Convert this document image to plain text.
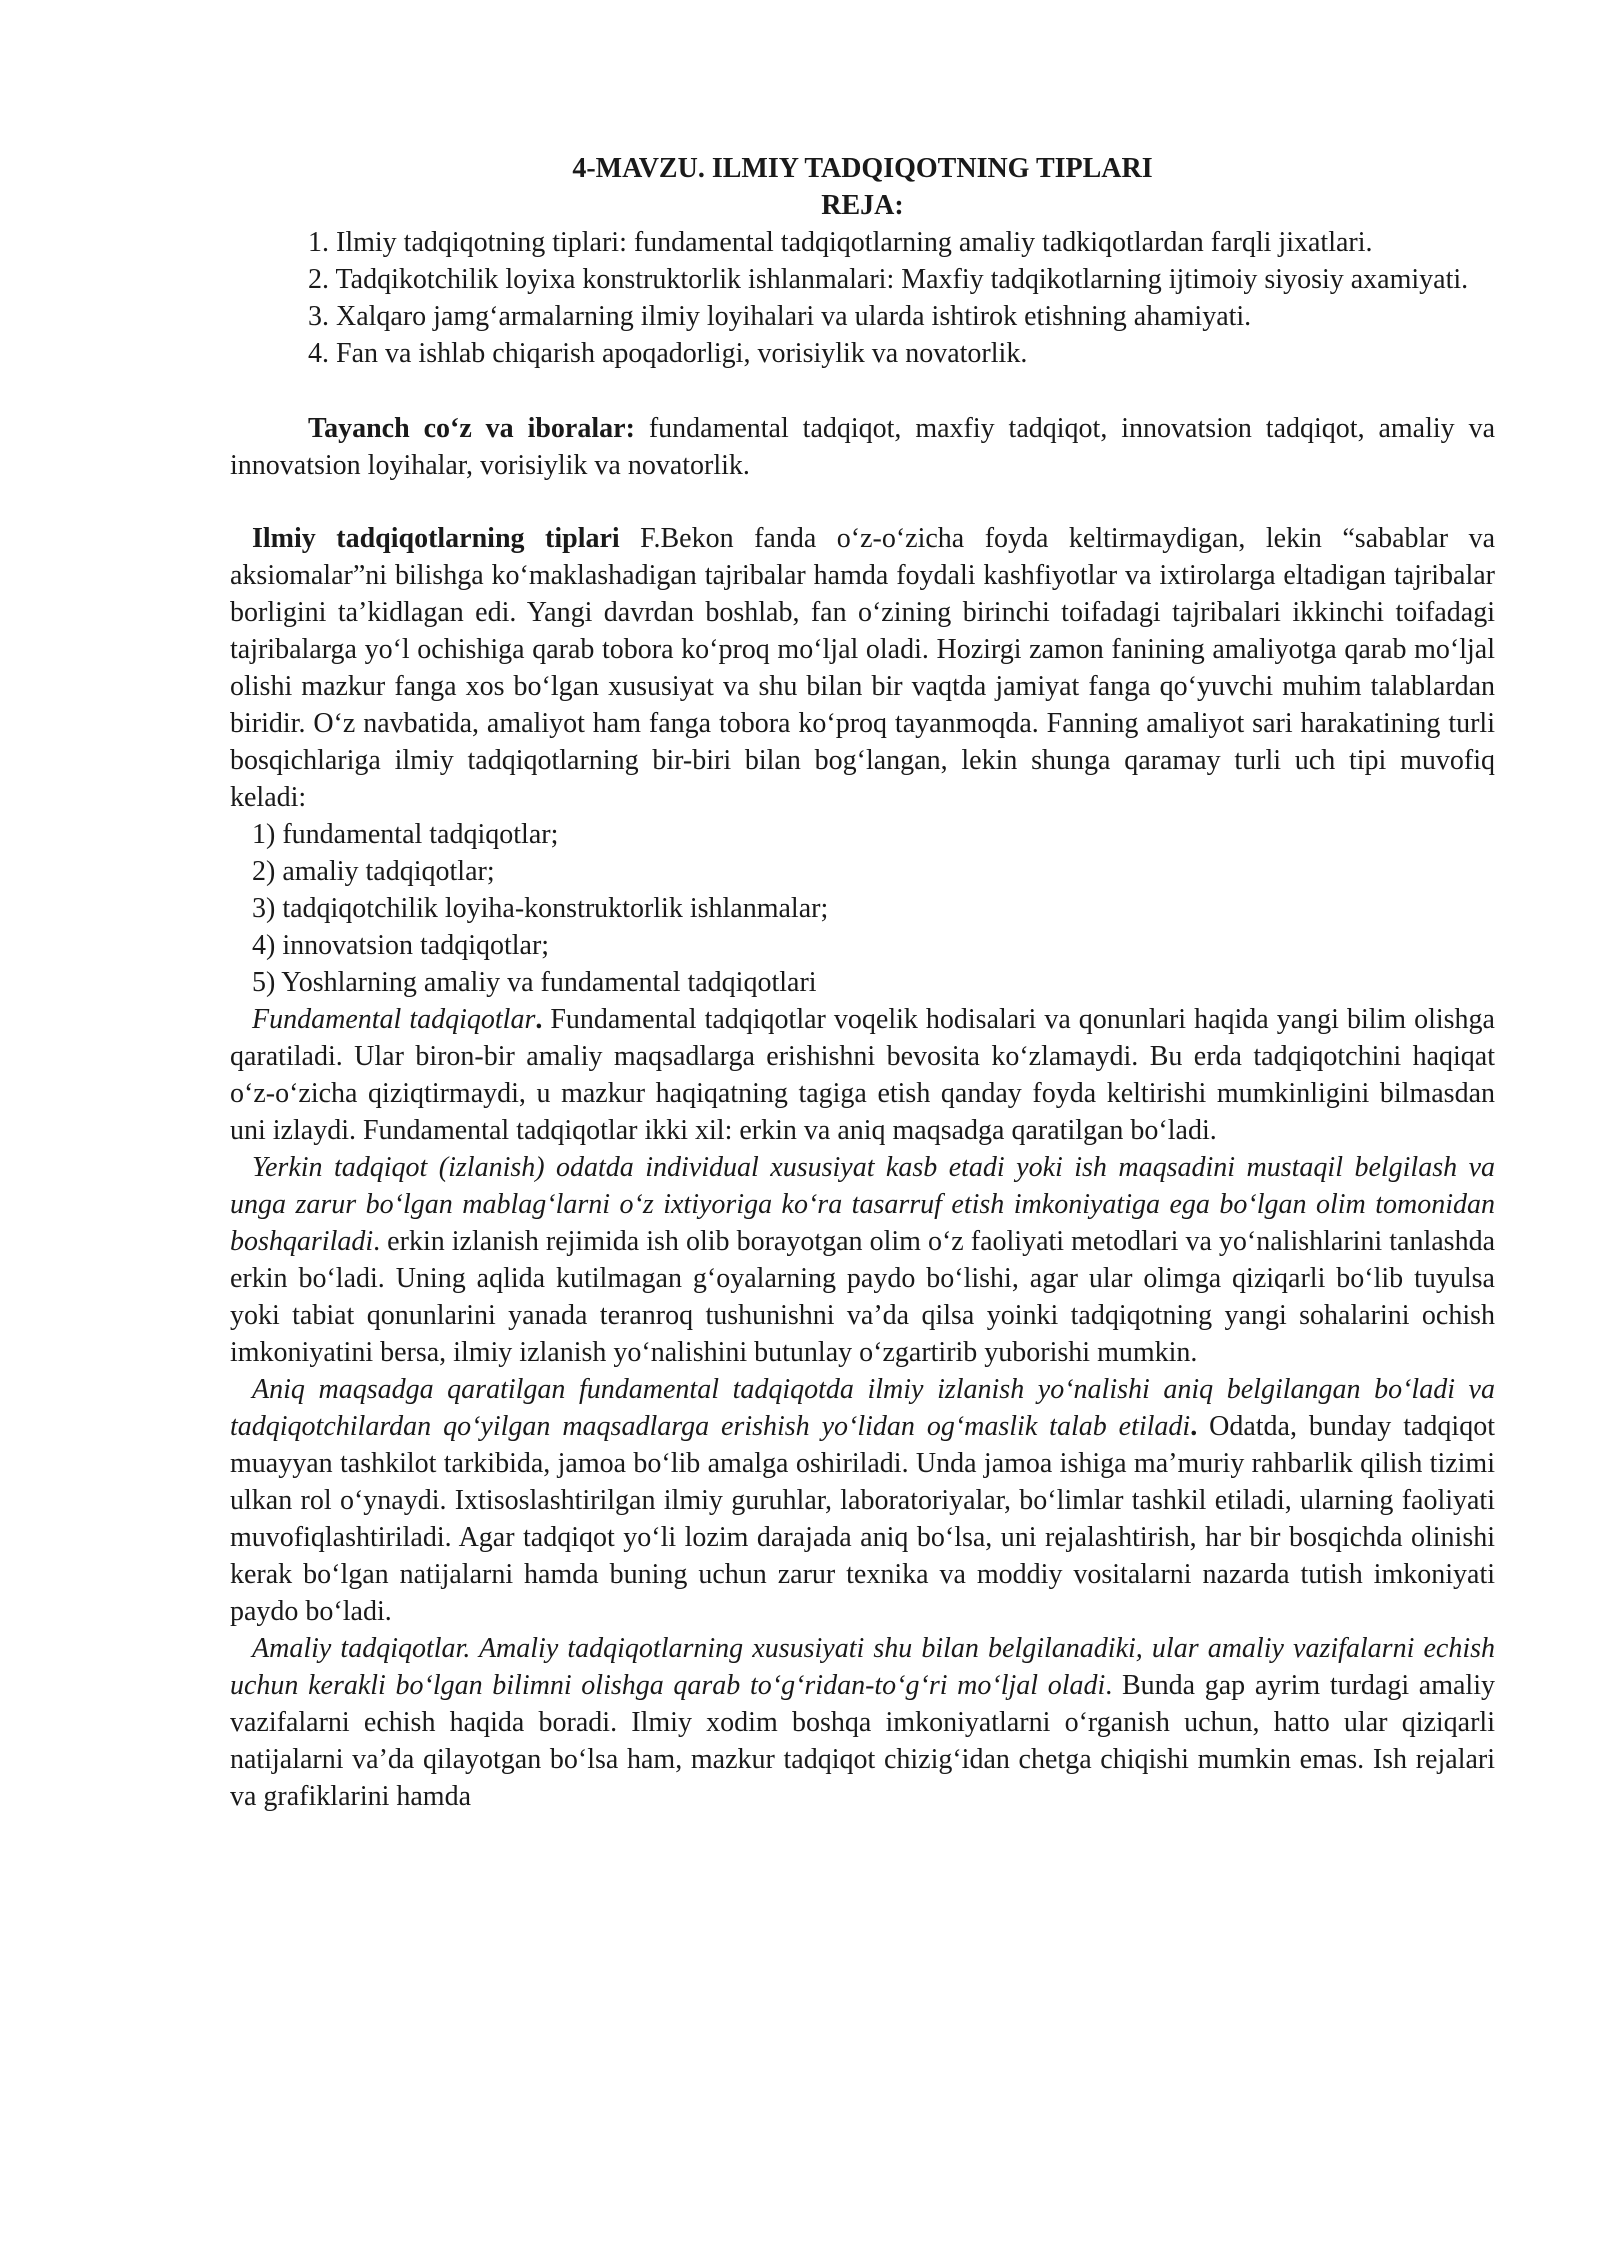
4-MAVZU. ILMIY TADQIQOTNING TIPLARI

REJA:

1. Ilmiy tadqiqotning tiplari: fundamental tadqiqotlarning amaliy tadkiqotlardan farqli jixatlari.

2. Tadqikotchilik loyixa konstruktorlik ishlanmalari: Maxfiy tadqikotlarning ijtimoiy siyosiy axamiyati.

3. Xalqaro jamg‘armalarning ilmiy loyihalari va ularda ishtirok etishning ahamiyati.

4. Fan va ishlab chiqarish apoqadorligi, vorisiylik va novatorlik.

Tayanch co‘z va iboralar: fundamental tadqiqot, maxfiy tadqiqot, innovatsion tadqiqot, amaliy va innovatsion loyihalar, vorisiylik va novatorlik.

Ilmiy tadqiqotlarning tiplari F.Bekon fanda o‘z-o‘zicha foyda keltirmaydigan, lekin “sabablar va aksiomalar”ni bilishga ko‘maklashadigan tajribalar hamda foydali kashfiyotlar va ixtirolarga eltadigan tajribalar borligini ta’kidlagan edi. Yangi davrdan boshlab, fan o‘zining birinchi toifadagi tajribalari ikkinchi toifadagi tajribalarga yo‘l ochishiga qarab tobora ko‘proq mo‘ljal oladi. Hozirgi zamon fanining amaliyotga qarab mo‘ljal olishi mazkur fanga xos bo‘lgan xususiyat va shu bilan bir vaqtda jamiyat fanga qo‘yuvchi muhim talablardan biridir. O‘z navbatida, amaliyot ham fanga tobora ko‘proq tayanmoqda. Fanning amaliyot sari harakatining turli bosqichlariga ilmiy tadqiqotlarning bir-biri bilan bog‘langan, lekin shunga qaramay turli uch tipi muvofiq keladi:

1) fundamental tadqiqotlar;

2) amaliy tadqiqotlar;

3) tadqiqotchilik loyiha-konstruktorlik ishlanmalar;

4) innovatsion tadqiqotlar;

5) Yoshlarning amaliy va fundamental tadqiqotlari

Fundamental tadqiqotlar. Fundamental tadqiqotlar voqelik hodisalari va qonunlari haqida yangi bilim olishga qaratiladi. Ular biron-bir amaliy maqsadlarga erishishni bevosita ko‘zlamaydi. Bu erda tadqiqotchini haqiqat o‘z-o‘zicha qiziqtirmaydi, u mazkur haqiqatning tagiga etish qanday foyda keltirishi mumkinligini bilmasdan uni izlaydi. Fundamental tadqiqotlar ikki xil: erkin va aniq maqsadga qaratilgan bo‘ladi.

Yerkin tadqiqot (izlanish) odatda individual xususiyat kasb etadi yoki ish maqsadini mustaqil belgilash va unga zarur bo‘lgan mablag‘larni o‘z ixtiyoriga ko‘ra tasarruf etish imkoniyatiga ega bo‘lgan olim tomonidan boshqariladi. erkin izlanish rejimida ish olib borayotgan olim o‘z faoliyati metodlari va yo‘nalishlarini tanlashda erkin bo‘ladi. Uning aqlida kutilmagan g‘oyalarning paydo bo‘lishi, agar ular olimga qiziqarli bo‘lib tuyulsa yoki tabiat qonunlarini yanada teranroq tushunishni va’da qilsa yoinki tadqiqotning yangi sohalarini ochish imkoniyatini bersa, ilmiy izlanish yo‘nalishini butunlay o‘zgartirib yuborishi mumkin.

Aniq maqsadga qaratilgan fundamental tadqiqotda ilmiy izlanish yo‘nalishi aniq belgilangan bo‘ladi va tadqiqotchilardan qo‘yilgan maqsadlarga erishish yo‘lidan og‘maslik talab etiladi. Odatda, bunday tadqiqot muayyan tashkilot tarkibida, jamoa bo‘lib amalga oshiriladi. Unda jamoa ishiga ma’muriy rahbarlik qilish tizimi ulkan rol o‘ynaydi. Ixtisoslashtirilgan ilmiy guruhlar, laboratoriyalar, bo‘limlar tashkil etiladi, ularning faoliyati muvofiqlashtiriladi. Agar tadqiqot yo‘li lozim darajada aniq bo‘lsa, uni rejalashtirish, har bir bosqichda olinishi kerak bo‘lgan natijalarni hamda buning uchun zarur texnika va moddiy vositalarni nazarda tutish imkoniyati paydo bo‘ladi.

Amaliy tadqiqotlar. Amaliy tadqiqotlarning xususiyati shu bilan belgilanadiki, ular amaliy vazifalarni echish uchun kerakli bo‘lgan bilimni olishga qarab to‘g‘ridan-to‘g‘ri mo‘ljal oladi. Bunda gap ayrim turdagi amaliy vazifalarni echish haqida boradi. Ilmiy xodim boshqa imkoniyatlarni o‘rganish uchun, hatto ular qiziqarli natijalarni va’da qilayotgan bo‘lsa ham, mazkur tadqiqot chizig‘idan chetga chiqishi mumkin emas. Ish rejalari va grafiklarini hamda
